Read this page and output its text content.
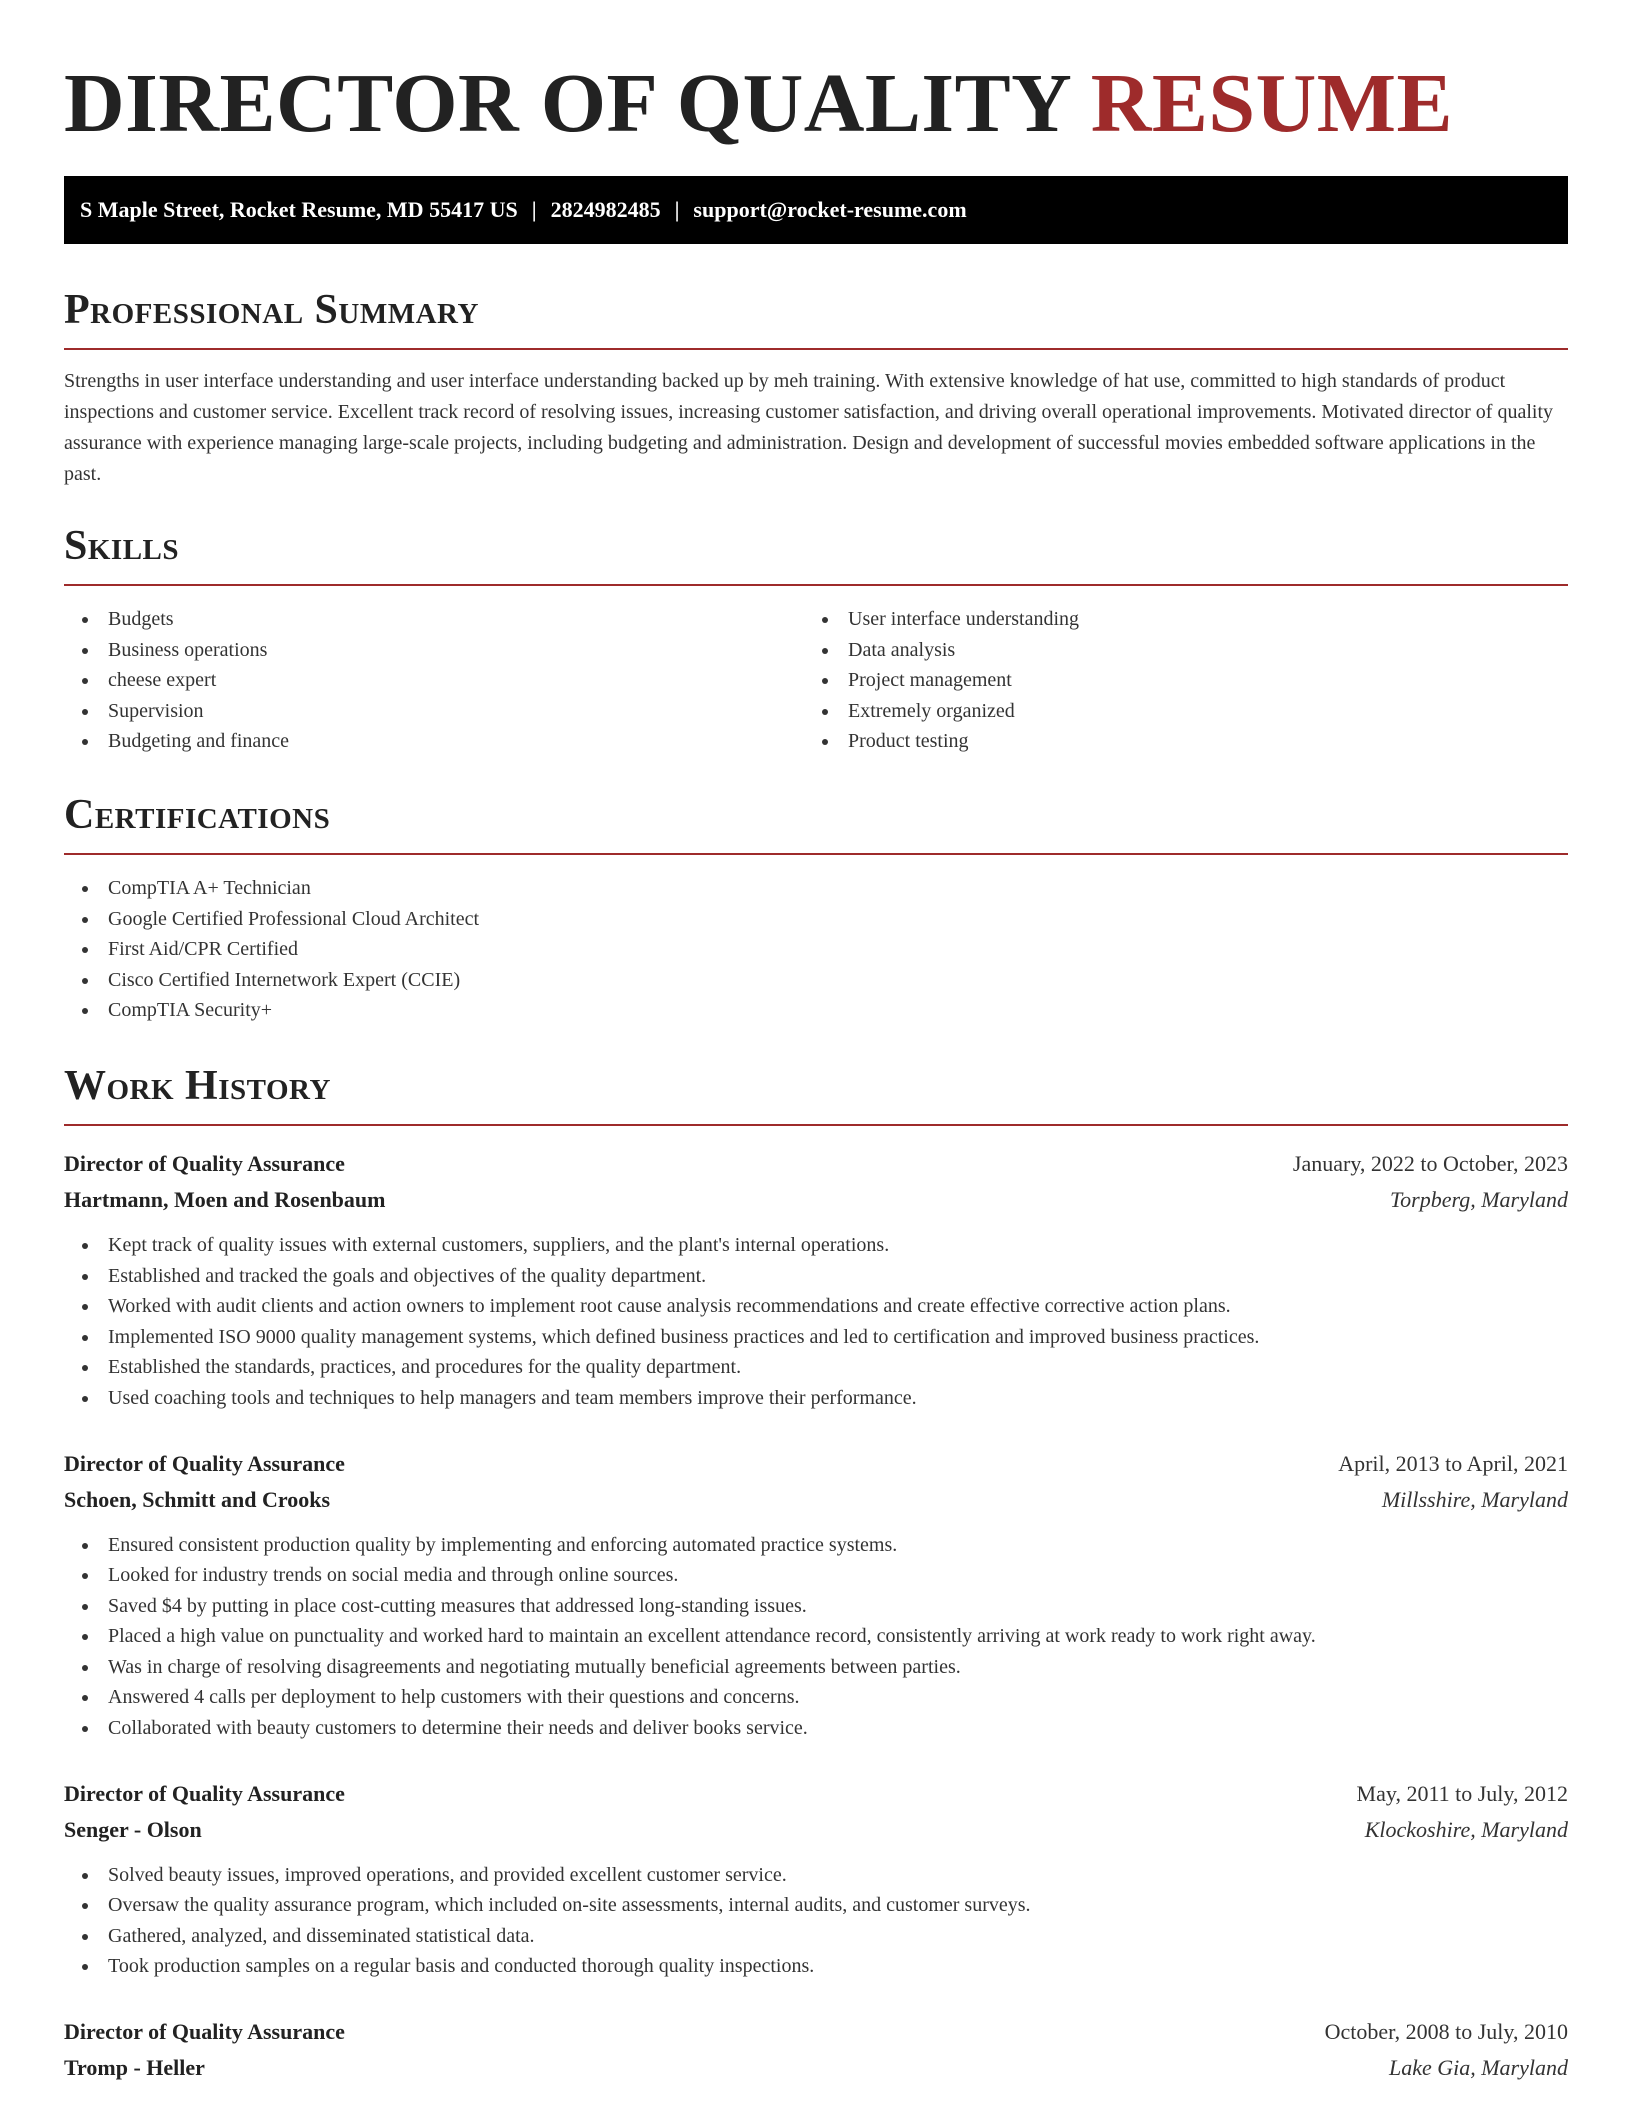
DIRECTOR OF QUALITY RESUME
S Maple Street, Rocket Resume, MD 55417 US | 2824982485 | support@rocket-resume.com
Professional Summary

Strengths in user interface understanding and user interface understanding backed up by meh training. With extensive knowledge of hat use, committed to high standards of product inspections and customer service. Excellent track record of resolving issues, increasing customer satisfaction, and driving overall operational improvements. Motivated director of quality assurance with experience managing large-scale projects, including budgeting and administration. Design and development of successful movies embedded software applications in the past.

Skills
Budgets
Business operations
cheese expert
Supervision
Budgeting and finance
User interface understanding
Data analysis
Project management
Extremely organized
Product testing
Certifications
CompTIA A+ Technician
Google Certified Professional Cloud Architect
First Aid/CPR Certified
Cisco Certified Internetwork Expert (CCIE)
CompTIA Security+
Work History
Director of Quality Assurance	January, 2022 to October, 2023
Hartmann, Moen and Rosenbaum	Torpberg, Maryland
Kept track of quality issues with external customers, suppliers, and the plant's internal operations.
Established and tracked the goals and objectives of the quality department.
Worked with audit clients and action owners to implement root cause analysis recommendations and create effective corrective action plans.
Implemented ISO 9000 quality management systems, which defined business practices and led to certification and improved business practices.
Established the standards, practices, and procedures for the quality department.
Used coaching tools and techniques to help managers and team members improve their performance.
Director of Quality Assurance	April, 2013 to April, 2021
Schoen, Schmitt and Crooks	Millsshire, Maryland
Ensured consistent production quality by implementing and enforcing automated practice systems.
Looked for industry trends on social media and through online sources.
Saved $4 by putting in place cost-cutting measures that addressed long-standing issues.
Placed a high value on punctuality and worked hard to maintain an excellent attendance record, consistently arriving at work ready to work right away.
Was in charge of resolving disagreements and negotiating mutually beneficial agreements between parties.
Answered 4 calls per deployment to help customers with their questions and concerns.
Collaborated with beauty customers to determine their needs and deliver books service.
Director of Quality Assurance	May, 2011 to July, 2012
Senger - Olson	Klockoshire, Maryland
Solved beauty issues, improved operations, and provided excellent customer service.
Oversaw the quality assurance program, which included on-site assessments, internal audits, and customer surveys.
Gathered, analyzed, and disseminated statistical data.
Took production samples on a regular basis and conducted thorough quality inspections.
Director of Quality Assurance	October, 2008 to July, 2010
Tromp - Heller	Lake Gia, Maryland
